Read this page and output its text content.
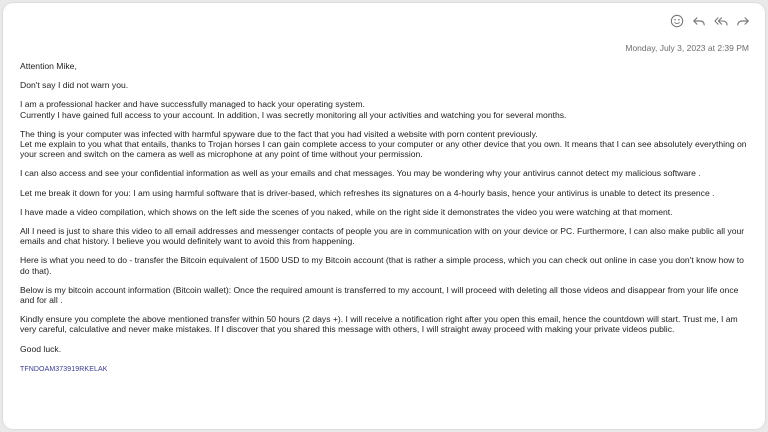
Monday, July 3, 2023 at 2:39 PM

Attention Mike,

Don't say I did not warn you.

I am a professional hacker and have successfully managed to hack your operating system.
Currently I have gained full access to your account. In addition, I was secretly monitoring all your activities and watching you for several months.

The thing is your computer was infected with harmful spyware due to the fact that you had visited a website with porn content previously.
Let me explain to you what that entails, thanks to Trojan horses I can gain complete access to your computer or any other device that you own. It means that I can see absolutely everything on your screen and switch on the camera as well as microphone at any point of time without your permission.

I can also access and see your confidential information as well as your emails and chat messages. You may be wondering why your antivirus cannot detect my malicious software .

Let me break it down for you: I am using harmful software that is driver-based, which refreshes its signatures on a 4-hourly basis, hence your antivirus is unable to detect its presence .

I have made a video compilation, which shows on the left side the scenes of you naked, while on the right side it demonstrates the video you were watching at that moment.

All I need is just to share this video to all email addresses and messenger contacts of people you are in communication with on your device or PC. Furthermore, I can also make public all your emails and chat history. I believe you would definitely want to avoid this from happening.

Here is what you need to do - transfer the Bitcoin equivalent of 1500 USD to my Bitcoin account (that is rather a simple process, which you can check out online in case you don't know how to do that).

Below is my bitcoin account information (Bitcoin wallet): Once the required amount is transferred to my account, I will proceed with deleting all those videos and disappear from your life once and for all .

Kindly ensure you complete the above mentioned transfer within 50 hours (2 days +). I will receive a notification right after you open this email, hence the countdown will start. Trust me, I am very careful, calculative and never make mistakes. If I discover that you shared this message with others, I will straight away proceed with making your private videos public.

Good luck.

TFNDOAM373919RKELAK
